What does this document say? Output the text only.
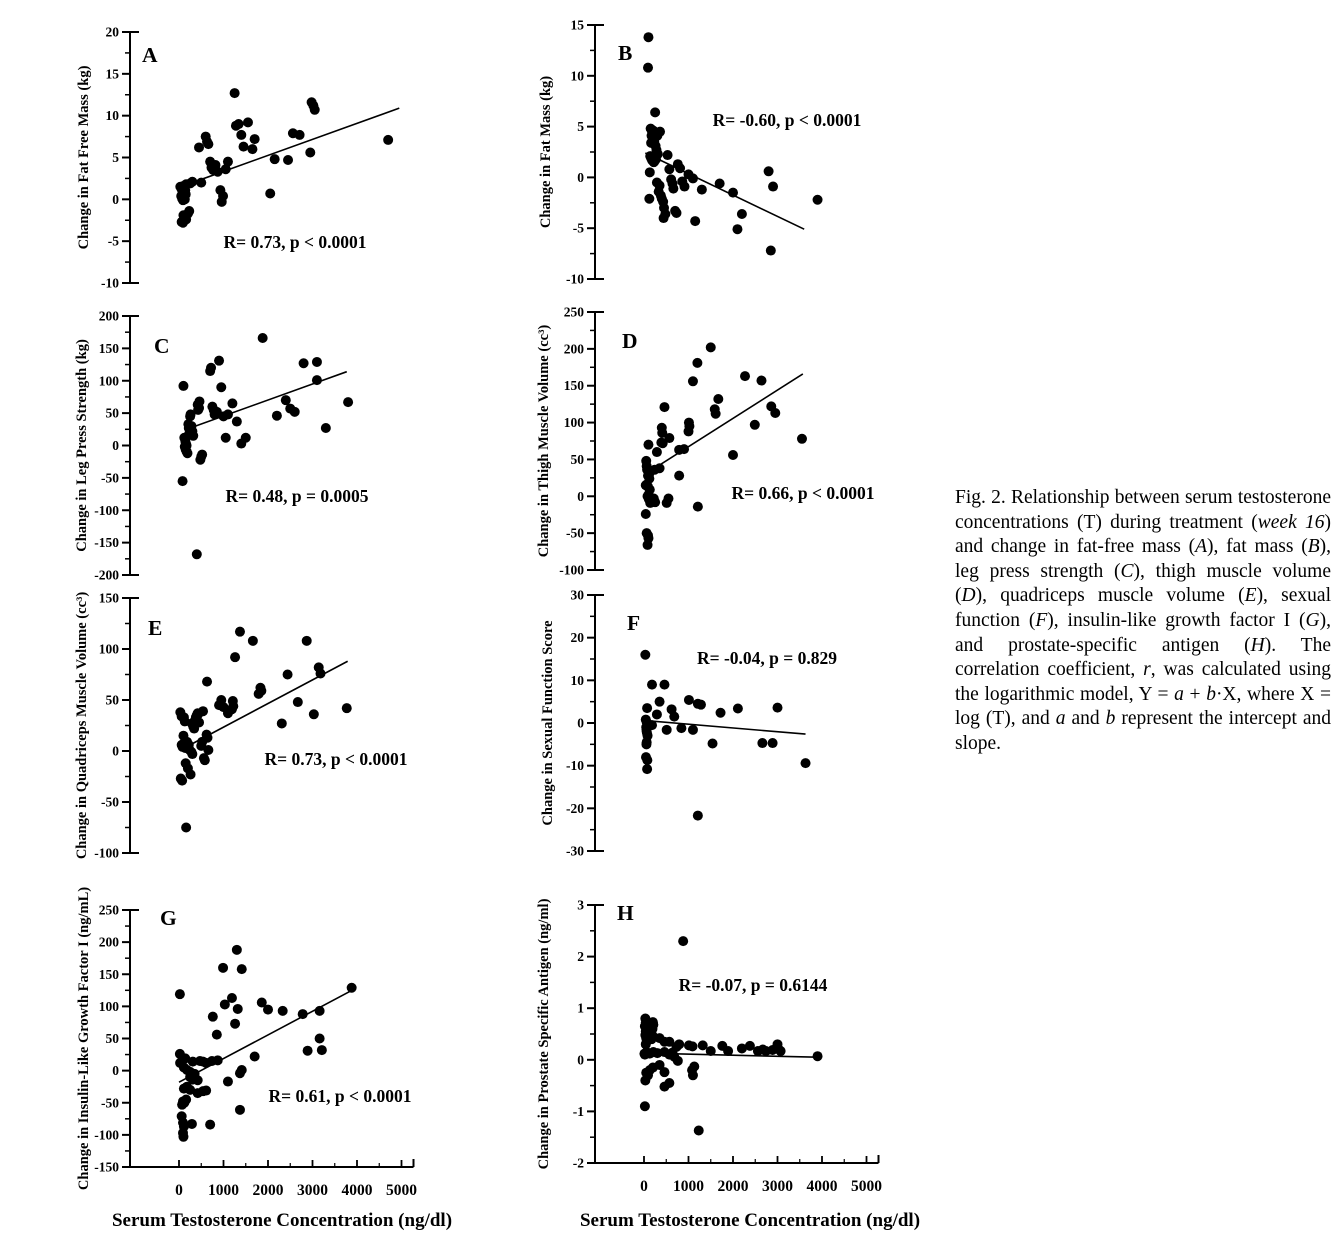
20
15
10
5
0
-5
-10
A
R= 0.73, p < 0.0001
Change in Fat Free Mass (kg)
15
10
5
0
-5
-10
B
R= -0.60, p < 0.0001
Change in Fat Mass (kg)
200
150
100
50
0
-50
-100
-150
-200
C
R= 0.48, p = 0.0005
Change in Leg Press Strength (kg)
250
200
150
100
50
0
-50
-100
D
R= 0.66, p < 0.0001
Change in Thigh Muscle Volume (cc³)
150
100
50
0
-50
-100
E
R= 0.73, p < 0.0001
Change in Quadriceps Muscle Volume (cc³)	30
20
10
0
-10
-20
-30
F
R= -0.04, p = 0.829
Change in Sexual Function Score
250
200
150
100
50
0
-50
-100
-150
0 1000 2000 3000 4000 5000
G
R= 0.61, p < 0.0001
Change in Insulin-Like Growth Factor I (ng/mL)	3
2
1
0
-1
-2
0 1000 2000 3000 4000 5000
H
R= -0.07, p = 0.6144
Change in Prostate Specific Antigen (ng/ml)
Serum Testosterone Concentration (ng/dl)	Serum Testosterone Concentration (ng/dl)
Fig. 2. Relationship between serum testosterone concentrations (T) during treatment (week 16) and change in fat-free mass (A), fat mass (B), leg press strength (C), thigh muscle volume (D), quadriceps muscle volume (E), sexual function (F), insulin-like growth factor I (G), and prostate-specific antigen (H). The correlation coefficient, r, was calculated using the logarithmic model, Y = a + b·X, where X = log (T), and a and b represent the intercept and slope.
